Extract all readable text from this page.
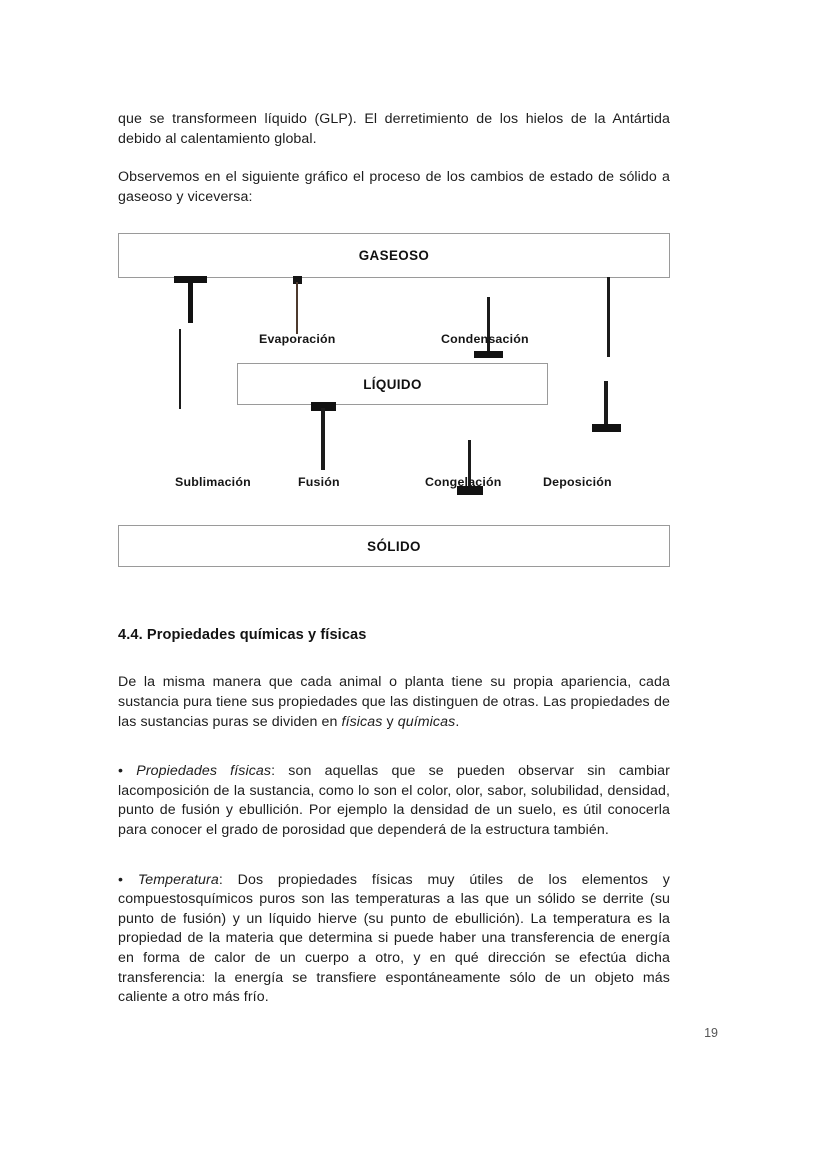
que se transformeen líquido (GLP). El derretimiento de los hielos de la Antártida debido al calentamiento global.

Observemos en el siguiente gráfico el proceso de los cambios de estado de sólido a gaseoso y viceversa:

GASEOSO
LÍQUIDO
SÓLIDO
Evaporación	Condensación
Sublimación	Fusión	Congelación	Deposición
4.4. Propiedades químicas y físicas

De la misma manera que cada animal o planta tiene su propia apariencia, cada sustancia pura tiene sus propiedades que las distinguen de otras. Las propiedades de las sustancias puras se dividen en físicas y químicas.

• Propiedades físicas: son aquellas que se pueden observar sin cambiar lacomposición de la sustancia, como lo son el color, olor, sabor, solubilidad, densidad, punto de fusión y ebullición. Por ejemplo la densidad de un suelo, es útil conocerla para conocer el grado de porosidad que dependerá de la estructura también.

• Temperatura: Dos propiedades físicas muy útiles de los elementos y compuestosquímicos puros son las temperaturas a las que un sólido se derrite (su punto de fusión) y un líquido hierve (su punto de ebullición). La temperatura es la propiedad de la materia que determina si puede haber una transferencia de energía en forma de calor de un cuerpo a otro, y en qué dirección se efectúa dicha transferencia: la energía se transfiere espontáneamente sólo de un objeto más caliente a otro más frío.

19
